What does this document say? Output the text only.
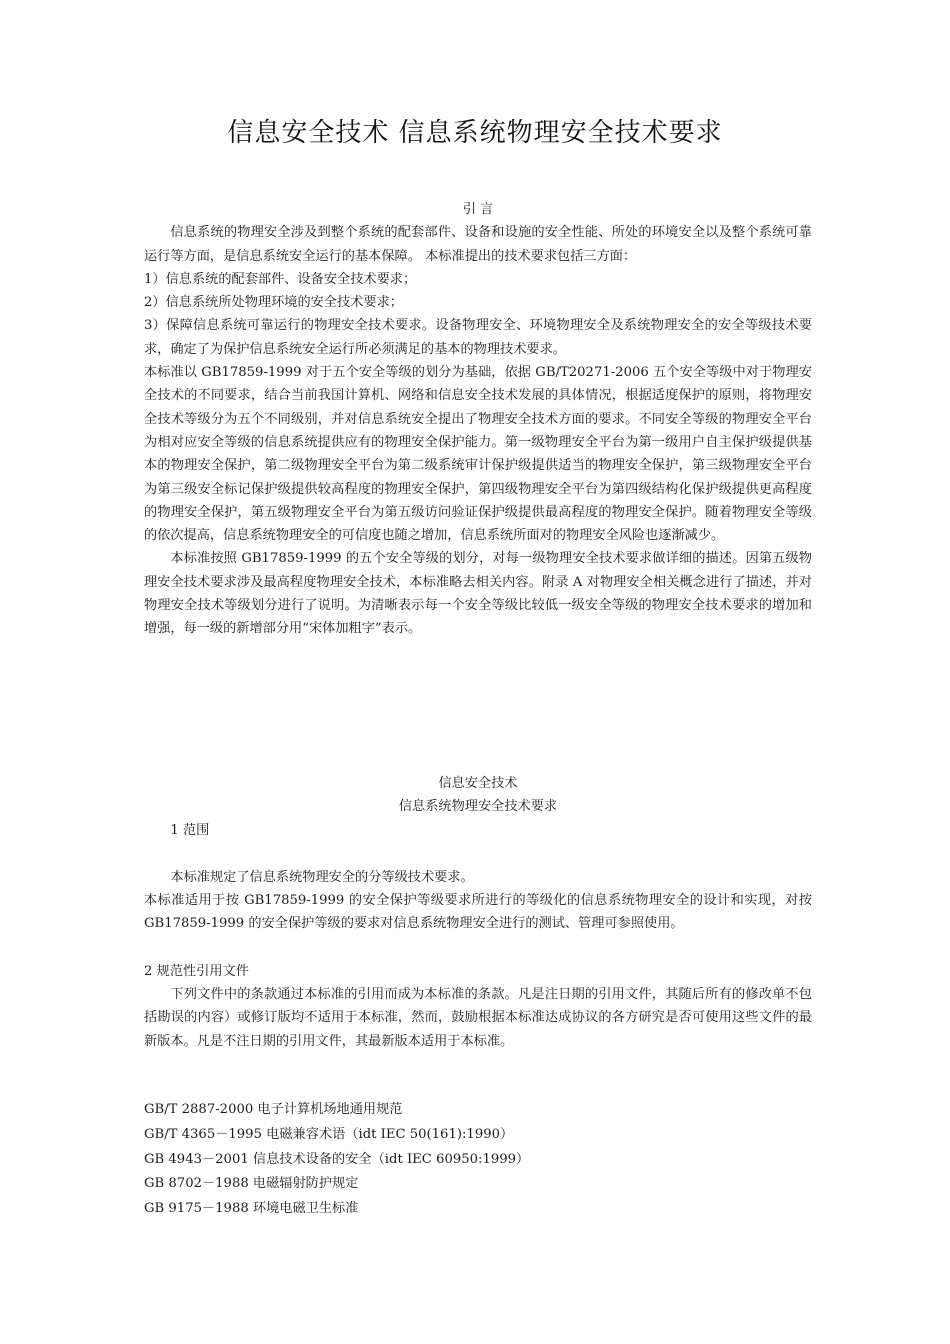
信息安全技术 信息系统物理安全技术要求

引 言

信息系统的物理安全涉及到整个系统的配套部件、设备和设施的安全性能、所处的环境安全以及整个系统可靠运行等方面，是信息系统安全运行的基本保障。 本标准提出的技术要求包括三方面：

1）信息系统的配套部件、设备安全技术要求；

2）信息系统所处物理环境的安全技术要求；

3）保障信息系统可靠运行的物理安全技术要求。设备物理安全、环境物理安全及系统物理安全的安全等级技术要求，确定了为保护信息系统安全运行所必须满足的基本的物理技术要求。

本标准以 GB17859-1999 对于五个安全等级的划分为基础，依据 GB/T20271-2006 五个安全等级中对于物理安全技术的不同要求，结合当前我国计算机、网络和信息安全技术发展的具体情况，根据适度保护的原则，将物理安全技术等级分为五个不同级别，并对信息系统安全提出了物理安全技术方面的要求。不同安全等级的物理安全平台为相对应安全等级的信息系统提供应有的物理安全保护能力。第一级物理安全平台为第一级用户自主保护级提供基本的物理安全保护，第二级物理安全平台为第二级系统审计保护级提供适当的物理安全保护，第三级物理安全平台为第三级安全标记保护级提供较高程度的物理安全保护，第四级物理安全平台为第四级结构化保护级提供更高程度的物理安全保护，第五级物理安全平台为第五级访问验证保护级提供最高程度的物理安全保护。随着物理安全等级的依次提高，信息系统物理安全的可信度也随之增加，信息系统所面对的物理安全风险也逐渐减少。

本标准按照 GB17859-1999 的五个安全等级的划分，对每一级物理安全技术要求做详细的描述。因第五级物理安全技术要求涉及最高程度物理安全技术，本标准略去相关内容。附录 A 对物理安全相关概念进行了描述，并对物理安全技术等级划分进行了说明。为清晰表示每一个安全等级比较低一级安全等级的物理安全技术要求的增加和增强，每一级的新增部分用“宋体加粗字”表示。

信息安全技术

信息系统物理安全技术要求

1 范围

本标准规定了信息系统物理安全的分等级技术要求。

本标准适用于按 GB17859-1999 的安全保护等级要求所进行的等级化的信息系统物理安全的设计和实现，对按 GB17859-1999 的安全保护等级的要求对信息系统物理安全进行的测试、管理可参照使用。

2 规范性引用文件

下列文件中的条款通过本标准的引用而成为本标准的条款。凡是注日期的引用文件，其随后所有的修改单不包括勘误的内容）或修订版均不适用于本标准，然而，鼓励根据本标准达成协议的各方研究是否可使用这些文件的最新版本。凡是不注日期的引用文件，其最新版本适用于本标准。

GB/T 2887-2000 电子计算机场地通用规范

GB/T 4365－1995 电磁兼容术语（idt IEC 50(161):1990）

GB 4943－2001 信息技术设备的安全（idt IEC 60950:1999）

GB 8702－1988 电磁辐射防护规定

GB 9175－1988 环境电磁卫生标准
